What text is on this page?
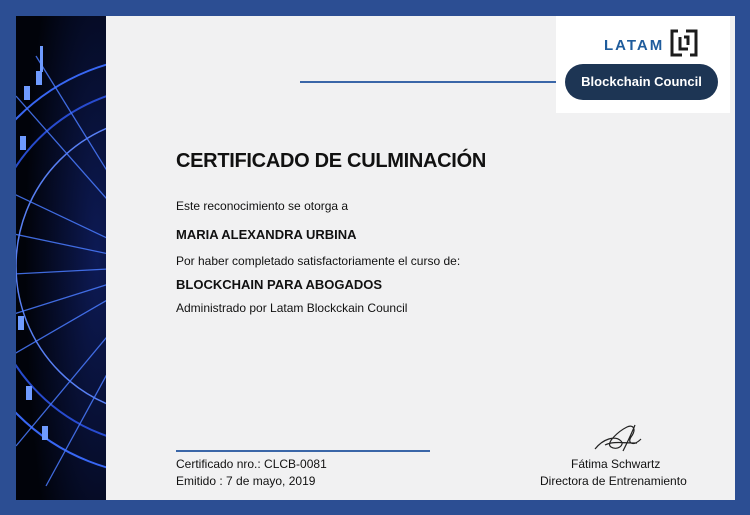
LATAM
Blockchain Council
CERTIFICADO DE CULMINACIÓN
Este reconocimiento se otorga a
MARIA ALEXANDRA URBINA
Por haber completado satisfactoriamente el curso de:
BLOCKCHAIN PARA ABOGADOS
Administrado por Latam Blockckain Council
Certificado nro.: CLCB-0081
Emitido : 7 de mayo, 2019
Fátima Schwartz
Directora de Entrenamiento
